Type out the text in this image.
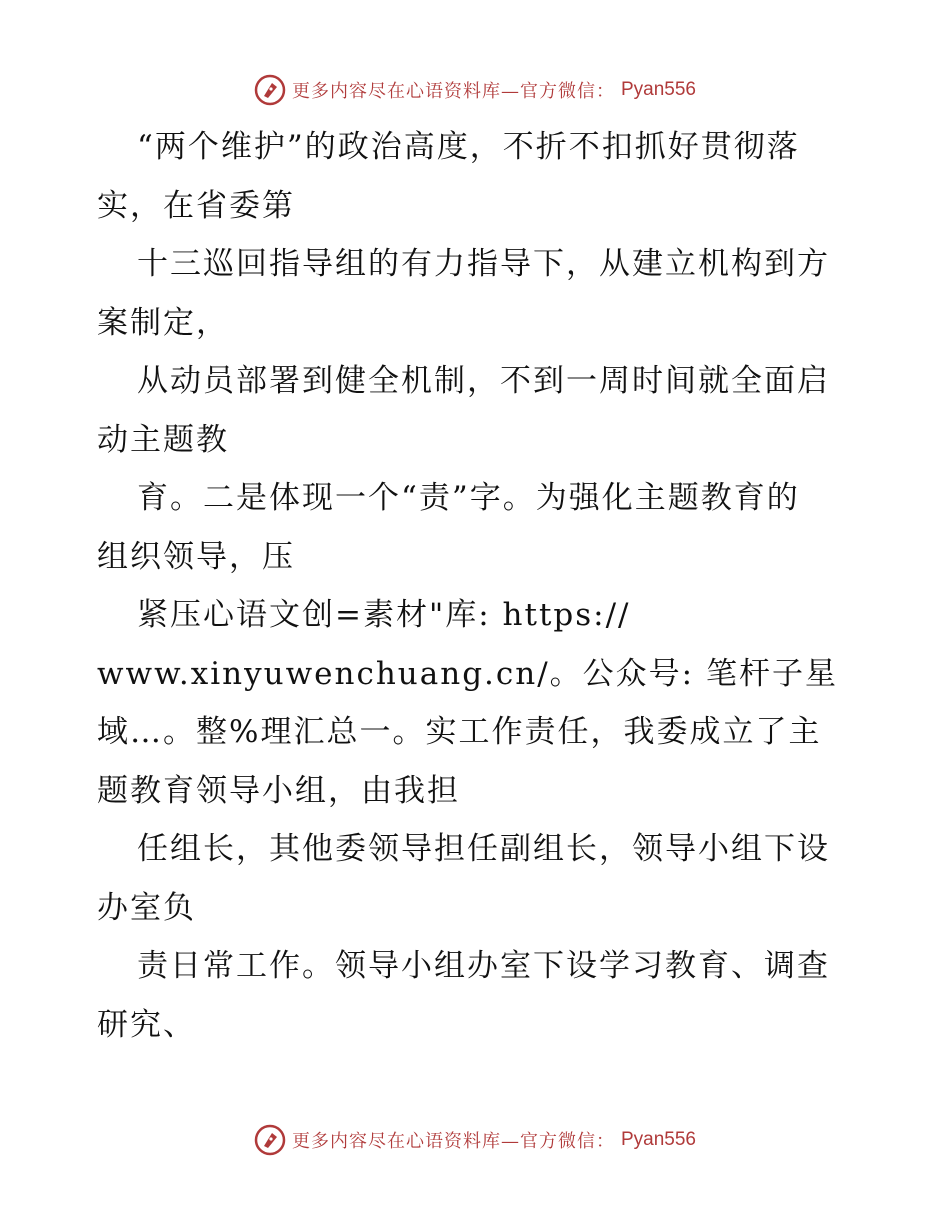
更多内容尽在心语资料库—官方微信： Pyan556
“两个维护”的政治高度，不折不扣抓好贯彻落
实，在省委第
十三巡回指导组的有力指导下，从建立机构到方
案制定，
从动员部署到健全机制，不到一周时间就全面启
动主题教
育。二是体现一个“责”字。为强化主题教育的
组织领导，压
紧压心语文创=素材"库: https://
www.xinyuwenchuang.cn/。公众号: 笔杆子星
域…。整%理汇总一。实工作责任，我委成立了主
题教育领导小组，由我担
任组长，其他委领导担任副组长，领导小组下设
办室负
责日常工作。领导小组办室下设学习教育、调查
研究、
更多内容尽在心语资料库—官方微信： Pyan556
